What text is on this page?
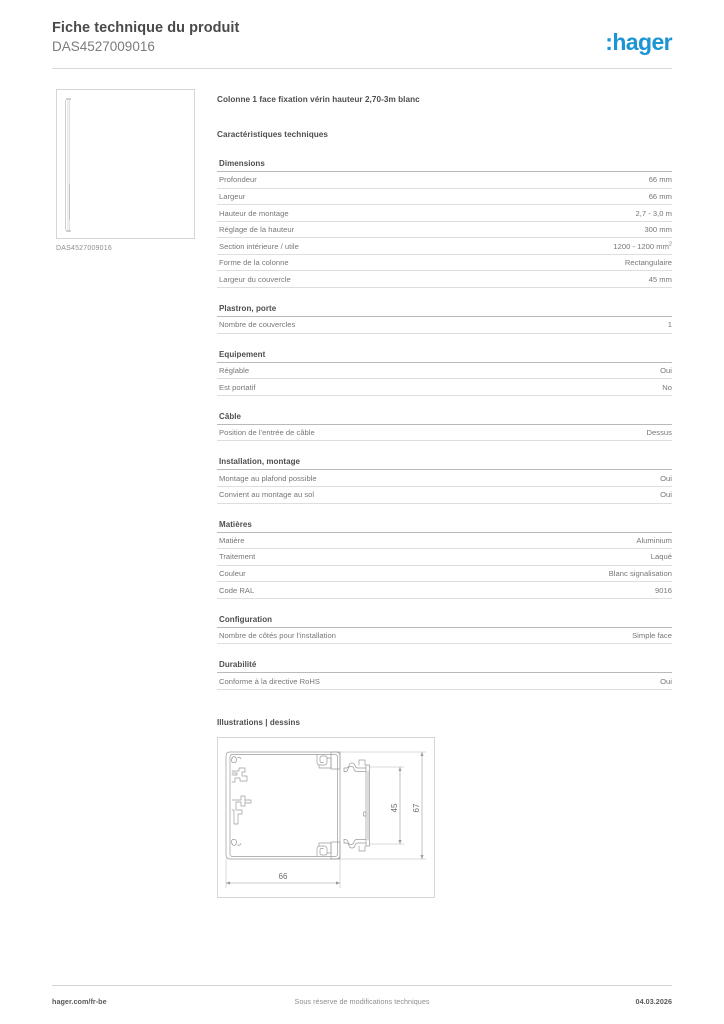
Fiche technique du produit
DAS4527009016	:hager
DAS4527009016
Colonne 1 face fixation vérin hauteur 2,70-3m blanc
Caractéristiques techniques
Dimensions
Profondeur	66 mm
Largeur	66 mm
Hauteur de montage	2,7 - 3,0 m
Réglage de la hauteur	300 mm
Section intérieure / utile	1200 - 1200 $mm^2$
Forme de la colonne	Rectangulaire
Largeur du couvercle	45 mm
Plastron, porte
Nombre de couvercles	1
Equipement
Réglable	Oui
Est portatif	No
Câble
Position de l'entrée de câble	Dessus
Installation, montage
Montage au plafond possible	Oui
Convient au montage au sol	Oui
Matières
Matière	Aluminium
Traitement	Laqué
Couleur	Blanc signalisation
Code RAL	9016
Configuration
Nombre de côtés pour l'installation	Simple face
Durabilité
Conforme à la directive RoHS	Oui
Illustrations | dessins
45 67
66
hager.com/fr-be	Sous réserve de modifications techniques	04.03.2026
